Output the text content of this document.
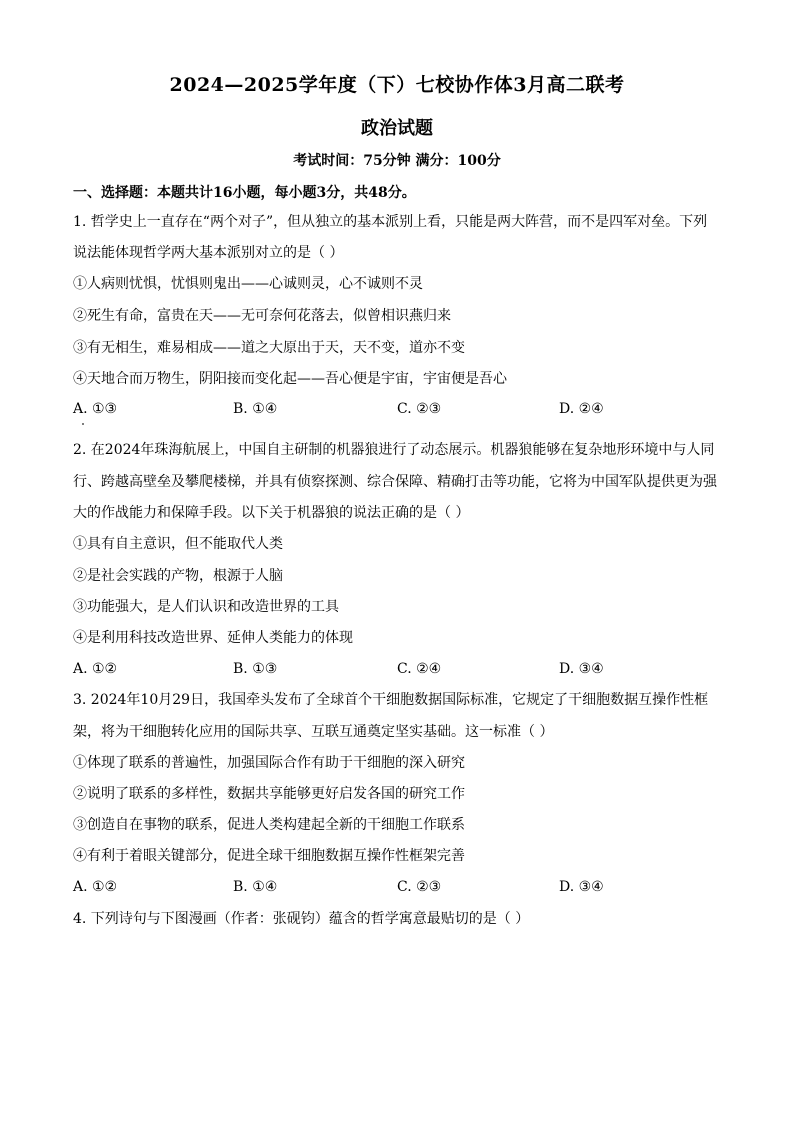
2024—2025学年度（下）七校协作体3月高二联考
政治试题
考试时间：75分钟 满分：100分
一、选择题：本题共计16小题，每小题3分，共48分。
1. 哲学史上一直存在“两个对子”，但从独立的基本派别上看，只能是两大阵营，而不是四军对垒。下列
说法能体现哲学两大基本派别对立的是（ ）
①人病则忧惧，忧惧则鬼出——心诚则灵，心不诚则不灵
②死生有命，富贵在天——无可奈何花落去，似曾相识燕归来
③有无相生，难易相成——道之大原出于天，天不变，道亦不变
④天地合而万物生，阴阳接而变化起——吾心便是宇宙，宇宙便是吾心
A. ①③	B. ①④	C. ②③	D. ②④
2. 在2024年珠海航展上，中国自主研制的机器狼进行了动态展示。机器狼能够在复杂地形环境中与人同
行、跨越高壁垒及攀爬楼梯，并具有侦察探测、综合保障、精确打击等功能，它将为中国军队提供更为强
大的作战能力和保障手段。以下关于机器狼的说法正确的是（ ）
①具有自主意识，但不能取代人类
②是社会实践的产物，根源于人脑
③功能强大，是人们认识和改造世界的工具
④是利用科技改造世界、延伸人类能力的体现
A. ①②	B. ①③	C. ②④	D. ③④
3. 2024年10月29日，我国牵头发布了全球首个干细胞数据国际标准，它规定了干细胞数据互操作性框
架，将为干细胞转化应用的国际共享、互联互通奠定坚实基础。这一标准（ ）
①体现了联系的普遍性，加强国际合作有助于干细胞的深入研究
②说明了联系的多样性，数据共享能够更好启发各国的研究工作
③创造自在事物的联系，促进人类构建起全新的干细胞工作联系
④有利于着眼关键部分，促进全球干细胞数据互操作性框架完善
A. ①②	B. ①④	C. ②③	D. ③④
4. 下列诗句与下图漫画（作者：张砚钧）蕴含的哲学寓意最贴切的是（ ）
